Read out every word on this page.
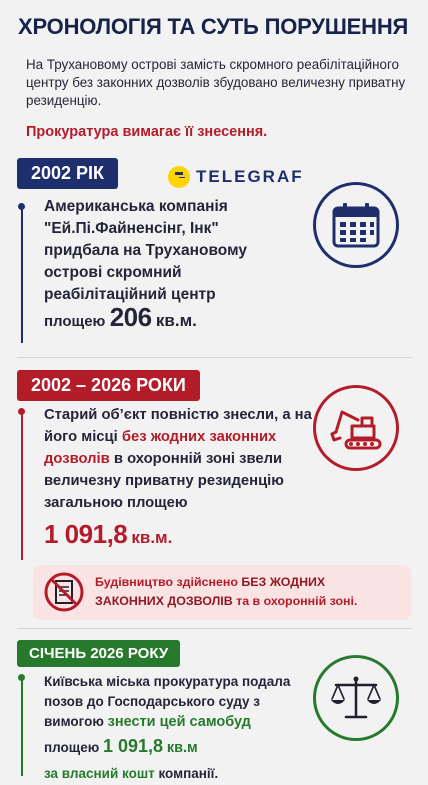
ХРОНОЛОГІЯ ТА СУТЬ ПОРУШЕННЯ
На Трухановому острові замість скромного реабілітаційного центру без законних дозволів збудовано величезну приватну резиденцію.
Прокуратура вимагає її знесення.
2002 РІК	TELEGRAF
Американська компанія "Ей.Пі.Файненсінг, Інк" придбала на Трухановому острові скромний реабілітаційний центр
площею 206 кв.м.
2002 – 2026 РОКИ
Старий об’єкт повністю знесли, а на його місці без жодних законних дозволів в охоронній зоні звели величезну приватну резиденцію загальною площею
1 091,8 кв.м.
Будівництво здійснено БЕЗ ЖОДНИХ ЗАКОННИХ ДОЗВОЛІВ та в охоронній зоні.
СІЧЕНЬ 2026 РОКУ
Київська міська прокуратура подала позов до Господарського суду з вимогою знести цей самобуд
площею 1 091,8 кв.м
за власний кошт компанії.
